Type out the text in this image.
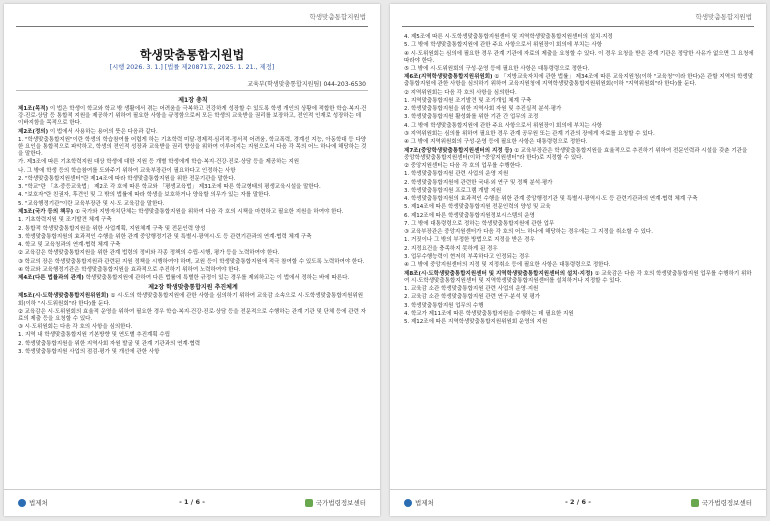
학생맞춤통합지원법
학생맞춤통합지원법
[시행 2026. 3. 1.] [법률 제20871호, 2025. 1. 21., 제정]
교육부(학생맞춤통합지원팀) 044-203-6530
제1장 총칙

제1조(목적) 이 법은 학생이 학교와 학교 밖 생활에서 겪는 어려움을 극복하고 건강하게 성장할 수 있도록 학생 개인의 상황에 적합한 학습·복지·건강·진로·상담 등 통합적 지원을 제공하기 위하여 필요한 사항을 규정함으로써 모든 학생의 교육받을 권리를 보장하고, 전인적 인재로 성장하는 데 이바지함을 목적으로 한다.

제2조(정의) 이 법에서 사용하는 용어의 뜻은 다음과 같다.

1. "학생맞춤통합지원"이란 학생의 학습참여를 어렵게 하는 기초학력 미달·경제적·심리적·정서적 어려움, 학교폭력, 경계선 지능, 아동학대 등 다양한 요인을 통합적으로 파악하고, 학생의 전인적 성장과 교육받을 권리 향상을 위하여 이루어지는 지원으로서 다음 각 목의 어느 하나에 해당하는 것을 말한다.

가. 제3조에 따른 기초학력지원 대상 학생에 대한 지원 등 개별 학생에게 학습·복지·건강·진로·상담 등을 제공하는 지원

나. 그 밖에 학생 등의 학습참여를 도와주기 위하여 교육부장관이 필요하다고 인정하는 사항

2. "학생맞춤통합지원센터"란 제14조에 따라 학생맞춤통합지원을 위한 전문기관을 말한다.

3. "학교"란 「초·중등교육법」 제2조 각 호에 따른 학교와 「평생교육법」 제31조에 따른 학교형태의 평생교육시설을 말한다.

4. "보호자"란 친권자, 후견인 및 그 밖의 법률에 따라 학생을 보호하거나 양육할 의무가 있는 자를 말한다.

5. "교육행정기관"이란 교육부장관 및 시·도 교육감을 말한다.

제3조(국가 등의 책무) ① 국가와 지방자치단체는 학생맞춤통합지원을 위하여 다음 각 호의 시책을 마련하고 필요한 지원을 하여야 한다.

1. 기초학력지원 및 조기발견 체계 구축

2. 통합적 학생맞춤통합지원을 위한 사업계획, 지원체계 구축 및 전문인력 양성

3. 학생맞춤통합지원의 효과적인 수행을 위한 관계 중앙행정기관 및 특별시·광역시·도 등 관련기관과의 연계·협력 체계 구축

4. 학교 및 교육청과의 연계·협력 체계 구축

② 교육감은 학생맞춤통합지원을 위한 관계 법령의 정비와 각종 정책의 수립·시행, 평가 등을 노력하여야 한다.

③ 학교의 장은 학생맞춤통합지원과 관련된 지원 정책을 시행하여야 하며, 교원 등이 학생맞춤통합지원에 적극 참여할 수 있도록 노력하여야 한다.

④ 학교와 교육행정기관은 학생맞춤통합지원을 효과적으로 추진하기 위하여 노력하여야 한다.

제4조(다른 법률과의 관계) 학생맞춤통합지원에 관하여 다른 법률에 특별한 규정이 있는 경우를 제외하고는 이 법에서 정하는 바에 따른다.

제2장 학생맞춤통합지원 추진체계

제5조(시·도학생맞춤통합지원위원회) ① 시·도의 학생맞춤통합지원에 관한 사항을 심의하기 위하여 교육감 소속으로 시·도학생맞춤통합지원위원회(이하 "시·도위원회"라 한다)를 둔다.

② 교육감은 시·도위원회의 효율적 운영을 위하여 필요한 경우 학습·복지·건강·진로·상담 등을 전문적으로 수행하는 관계 기관 및 단체 등에 관련 자료의 제출 등을 요청할 수 있다.

③ 시·도위원회는 다음 각 호의 사항을 심의한다.

1. 지역 내 학생맞춤통합지원 기본방향 및 연도별 추진계획 수립

2. 학생맞춤통합지원을 위한 지역사회 자원 발굴 및 관계 기관과의 연계·협력

3. 학생맞춤통합지원 사업의 점검·평가 및 개선에 관한 사항

법제처	- 1 / 6 -	국가법령정보센터
학생맞춤통합지원법

4. 제5조에 따른 시·도학생맞춤통합지원센터 및 지역학생맞춤통합지원센터의 설치·지정

5. 그 밖에 학생맞춤통합지원에 관한 주요 사항으로서 위원장이 회의에 부치는 사항

④ 시·도위원회는 심의에 필요한 경우 관계 기관에 자료의 제출을 요청할 수 있다. 이 경우 요청을 받은 관계 기관은 정당한 사유가 없으면 그 요청에 따라야 한다.

⑤ 그 밖에 시·도위원회의 구성·운영 등에 필요한 사항은 대통령령으로 정한다.

제6조(지역학생맞춤통합지원위원회) ① 「지방교육자치에 관한 법률」 제34조에 따른 교육지원청(이하 "교육청"이라 한다)은 관할 지역의 학생맞춤통합지원에 관한 사항을 심의하기 위하여 교육지원청에 지역학생맞춤통합지원위원회(이하 "지역위원회"라 한다)를 둔다.

② 지역위원회는 다음 각 호의 사항을 심의한다.

1. 지역맞춤통합지원 조기발견 및 조기개입 체계 구축

2. 학생맞춤통합지원을 위한 지역사회 자원 및 추진실적 분석·평가

3. 학생맞춤통합지원 활성화를 위한 기관 간 업무의 조정

4. 그 밖에 학생맞춤통합지원에 관한 주요 사항으로서 위원장이 회의에 부치는 사항

③ 지역위원회는 심의를 위하여 필요한 경우 관계 공무원 또는 관계 기관의 장에게 자료를 요청할 수 있다.

④ 그 밖에 지역위원회의 구성·운영 등에 필요한 사항은 대통령령으로 정한다.

제7조(중앙학생맞춤통합지원센터의 지정 등) ① 교육부장관은 학생맞춤통합지원을 효율적으로 추진하기 위하여 전문인력과 시설을 갖춘 기관을 중앙학생맞춤통합지원센터(이하 "중앙지원센터"라 한다)로 지정할 수 있다.

② 중앙지원센터는 다음 각 호의 업무를 수행한다.

1. 학생맞춤통합지원 관련 사업의 운영 지원

2. 학생맞춤통합지원에 관련한 국내·외 연구 및 정책 분석·평가

3. 학생맞춤통합지원 프로그램 개발 지원

4. 학생맞춤통합지원의 효과적인 수행을 위한 관계 중앙행정기관 및 특별시·광역시·도 등 관련기관과의 연계·협력 체계 구축

5. 제14조에 따른 학생맞춤통합지원 전문인력의 양성 및 교육

6. 제12조에 따른 학생맞춤통합지원정보시스템의 운영

7. 그 밖에 대통령령으로 정하는 학생맞춤통합지원에 관한 업무

③ 교육부장관은 중앙지원센터가 다음 각 호의 어느 하나에 해당하는 경우에는 그 지정을 취소할 수 있다.

1. 거짓이나 그 밖의 부정한 방법으로 지정을 받은 경우

2. 지정요건을 충족하지 못하게 된 경우

3. 업무수행능력이 현저히 부족하다고 인정되는 경우

④ 그 밖에 중앙지원센터의 지정 및 지정취소 등에 필요한 사항은 대통령령으로 정한다.

제8조(시·도학생맞춤통합지원센터 및 지역학생맞춤통합지원센터의 설치·지정) ① 교육감은 다음 각 호의 학생맞춤통합지원 업무를 수행하기 위하여 시·도학생맞춤통합지원센터 및 지역학생맞춤통합지원센터를 설치하거나 지정할 수 있다.

1. 교육감 소관 학생맞춤통합지원 관련 사업의 운영·지원

2. 교육감 소관 학생맞춤통합지원 관련 연구·분석 및 평가

3. 학생맞춤통합지원 업무의 수행

4. 학교가 제11조에 따른 학생맞춤통합지원을 수행하는 데 필요한 지원

5. 제12조에 따른 지역학생맞춤통합지원위원회 운영의 지원

법제처	- 2 / 6 -	국가법령정보센터
